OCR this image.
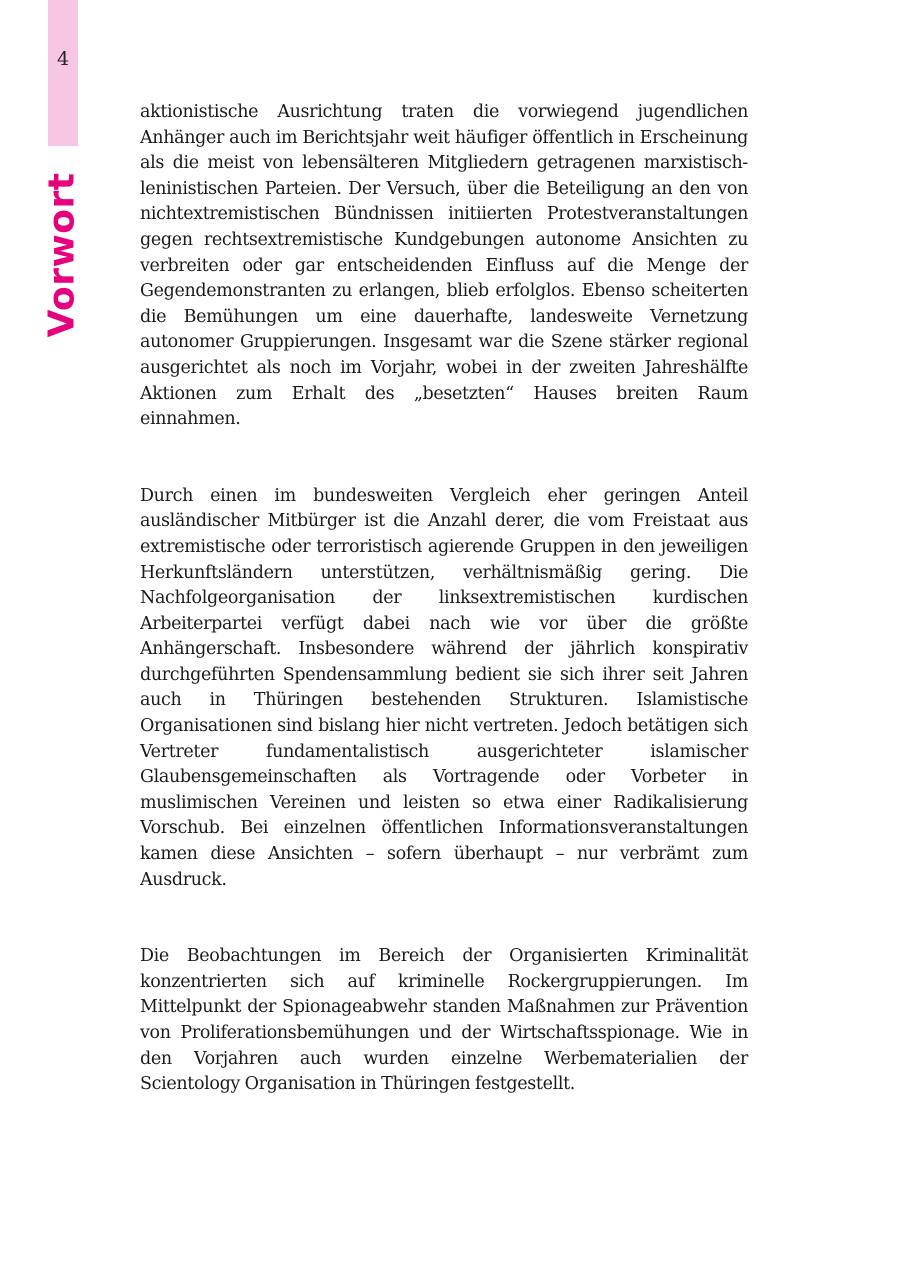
4
Vorwort

aktionistische Ausrichtung traten die vorwiegend jugendlichen Anhänger auch im Berichtsjahr weit häufiger öffentlich in Erscheinung als die meist von lebensälteren Mitgliedern getragenen marxistisch-leninistischen Parteien. Der Versuch, über die Beteiligung an den von nichtextremistischen Bündnissen initiierten Protestveranstaltungen gegen rechtsextremistische Kundgebungen autonome Ansichten zu verbreiten oder gar entscheidenden Einfluss auf die Menge der Gegendemonstranten zu erlangen, blieb erfolglos. Ebenso scheiterten die Bemühungen um eine dauerhafte, landesweite Vernetzung autonomer Gruppierungen. Insgesamt war die Szene stärker regional ausgerichtet als noch im Vorjahr, wobei in der zweiten Jahreshälfte Aktionen zum Erhalt des „besetzten“ Hauses breiten Raum einnahmen.

Durch einen im bundesweiten Vergleich eher geringen Anteil ausländischer Mitbürger ist die Anzahl derer, die vom Freistaat aus extremistische oder terroristisch agierende Gruppen in den jeweiligen Herkunftsländern unterstützen, verhältnismäßig gering. Die Nachfolgeorganisation der linksextremistischen kurdischen Arbeiterpartei verfügt dabei nach wie vor über die größte Anhängerschaft. Insbesondere während der jährlich konspirativ durchgeführten Spendensammlung bedient sie sich ihrer seit Jahren auch in Thüringen bestehenden Strukturen. Islamistische Organisationen sind bislang hier nicht vertreten. Jedoch betätigen sich Vertreter fundamentalistisch ausgerichteter islamischer Glaubensgemeinschaften als Vortragende oder Vorbeter in muslimischen Vereinen und leisten so etwa einer Radikalisierung Vorschub. Bei einzelnen öffentlichen Informationsveranstaltungen kamen diese Ansichten – sofern überhaupt – nur verbrämt zum Ausdruck.

Die Beobachtungen im Bereich der Organisierten Kriminalität konzentrierten sich auf kriminelle Rockergruppierungen. Im Mittelpunkt der Spionageabwehr standen Maßnahmen zur Prävention von Proliferationsbemühungen und der Wirtschaftsspionage. Wie in den Vorjahren auch wurden einzelne Werbematerialien der Scientology Organisation in Thüringen festgestellt.
